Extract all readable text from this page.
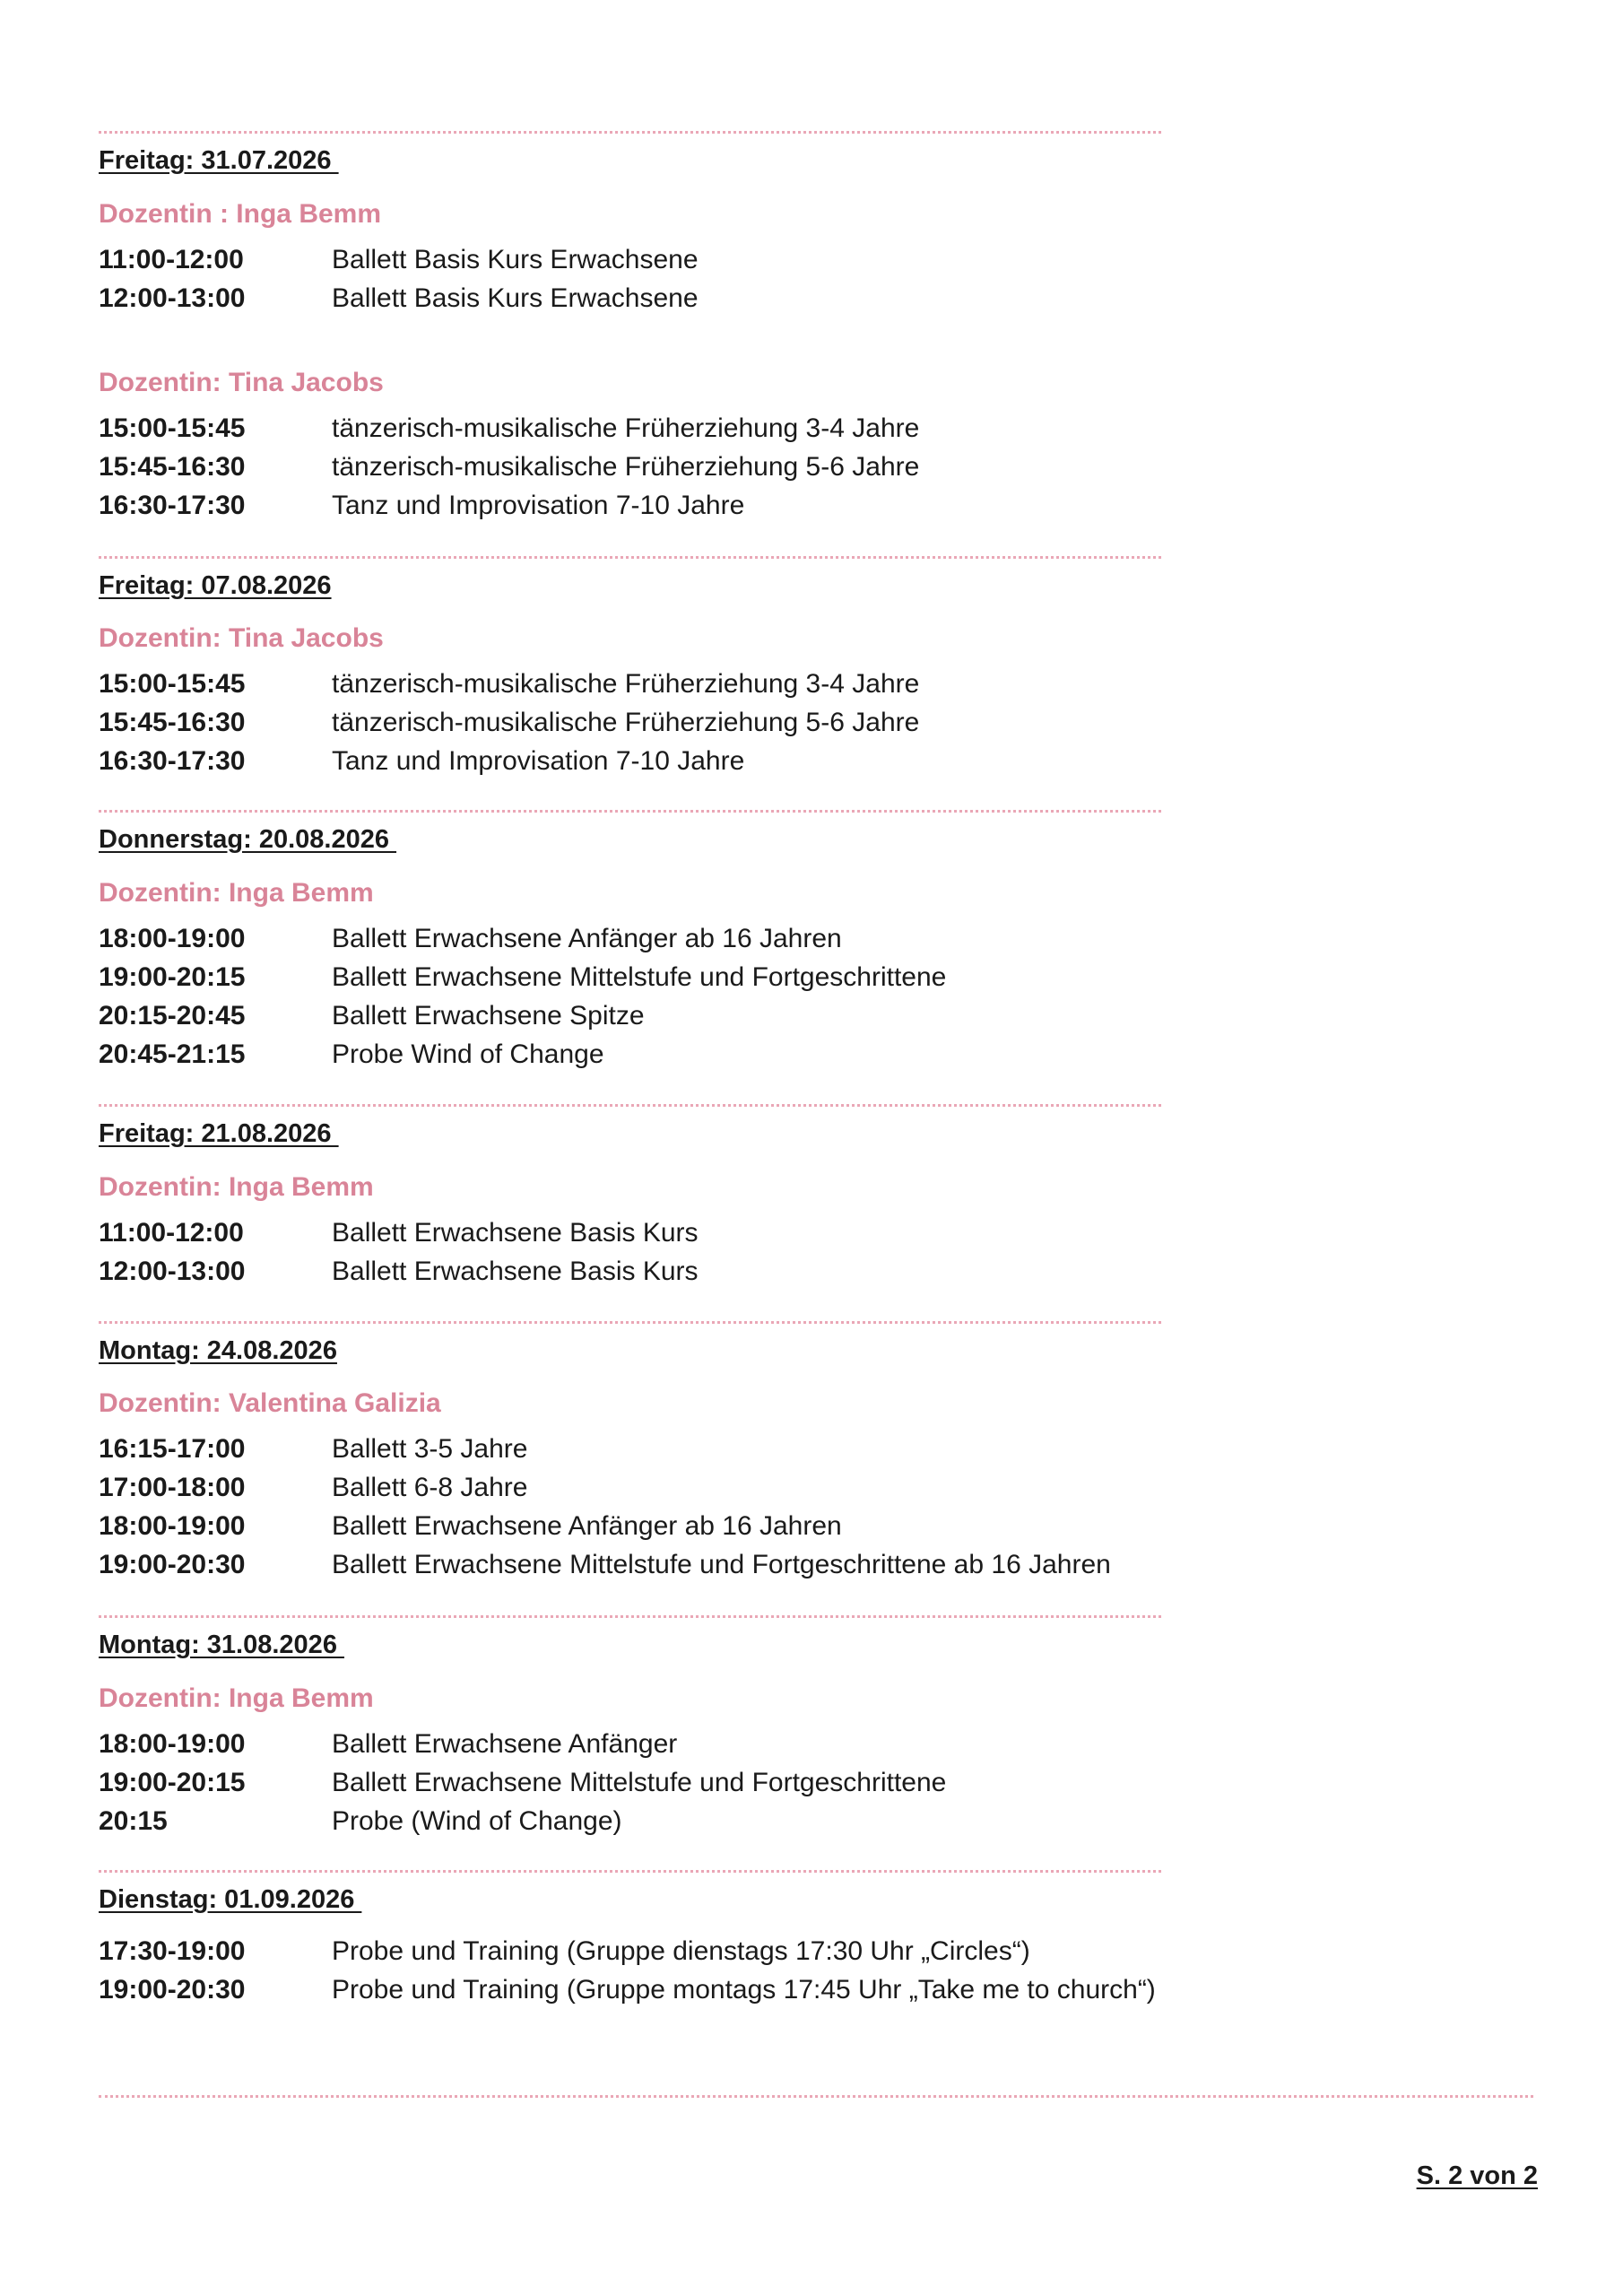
Freitag: 31.07.2026
Dozentin : Inga Bemm
11:00-12:00	Ballett Basis Kurs Erwachsene
12:00-13:00	Ballett Basis Kurs Erwachsene
Dozentin: Tina Jacobs
15:00-15:45	tänzerisch-musikalische Früherziehung 3-4 Jahre
15:45-16:30	tänzerisch-musikalische Früherziehung 5-6 Jahre
16:30-17:30	Tanz und Improvisation 7-10 Jahre
Freitag: 07.08.2026
Dozentin: Tina Jacobs
15:00-15:45	tänzerisch-musikalische Früherziehung 3-4 Jahre
15:45-16:30	tänzerisch-musikalische Früherziehung 5-6 Jahre
16:30-17:30	Tanz und Improvisation 7-10 Jahre
Donnerstag: 20.08.2026
Dozentin: Inga Bemm
18:00-19:00	Ballett Erwachsene Anfänger ab 16 Jahren
19:00-20:15	Ballett Erwachsene Mittelstufe und Fortgeschrittene
20:15-20:45	Ballett Erwachsene Spitze
20:45-21:15	Probe Wind of Change
Freitag: 21.08.2026
Dozentin: Inga Bemm
11:00-12:00	Ballett Erwachsene Basis Kurs
12:00-13:00	Ballett Erwachsene Basis Kurs
Montag: 24.08.2026
Dozentin: Valentina Galizia
16:15-17:00	Ballett 3-5 Jahre
17:00-18:00	Ballett 6-8 Jahre
18:00-19:00	Ballett Erwachsene Anfänger ab 16 Jahren
19:00-20:30	Ballett Erwachsene Mittelstufe und Fortgeschrittene ab 16 Jahren
Montag: 31.08.2026
Dozentin: Inga Bemm
18:00-19:00	Ballett Erwachsene Anfänger
19:00-20:15	Ballett Erwachsene Mittelstufe und Fortgeschrittene
20:15	Probe (Wind of Change)
Dienstag: 01.09.2026
17:30-19:00	Probe und Training (Gruppe dienstags 17:30 Uhr „Circles“)
19:00-20:30	Probe und Training (Gruppe montags 17:45 Uhr „Take me to church“)
S. 2 von 2
